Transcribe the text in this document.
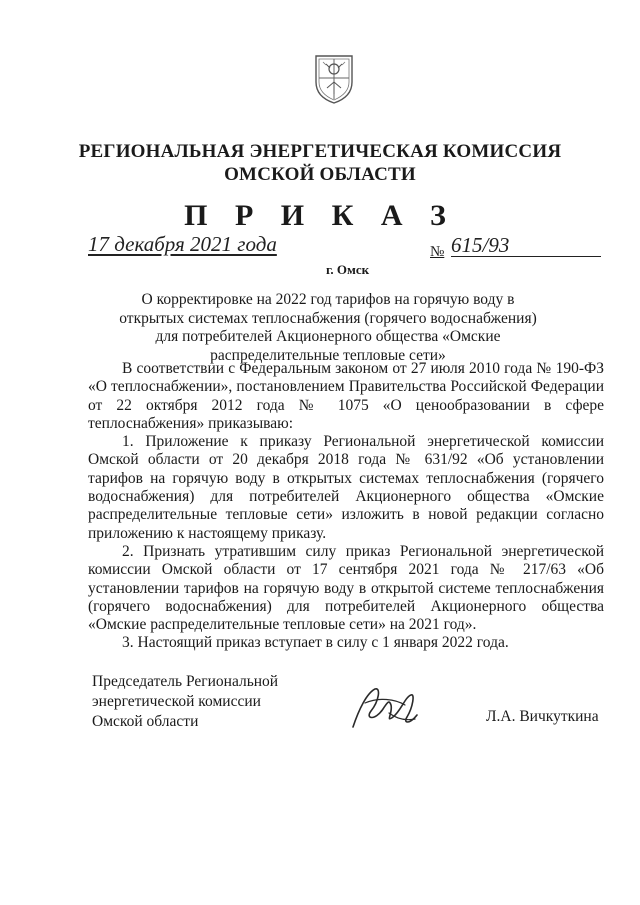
РЕГИОНАЛЬНАЯ ЭНЕРГЕТИЧЕСКАЯ КОМИССИЯ
ОМСКОЙ ОБЛАСТИ
П Р И К А З
17 декабря 2021 года	№ 615/93
г. Омск
О корректировке на 2022 год тарифов на горячую воду в открытых системах теплоснабжения (горячего водоснабжения) для потребителей Акционерного общества «Омские распределительные тепловые сети»

В соответствии с Федеральным законом от 27 июля 2010 года № 190-ФЗ «О теплоснабжении», постановлением Правительства Российской Федерации от 22 октября 2012 года № 1075 «О ценообразовании в сфере теплоснабжения» приказываю:

1. Приложение к приказу Региональной энергетической комиссии Омской области от 20 декабря 2018 года № 631/92 «Об установлении тарифов на горячую воду в открытых системах теплоснабжения (горячего водоснабжения) для потребителей Акционерного общества «Омские распределительные тепловые сети» изложить в новой редакции согласно приложению к настоящему приказу.

2. Признать утратившим силу приказ Региональной энергетической комиссии Омской области от 17 сентября 2021 года № 217/63 «Об установлении тарифов на горячую воду в открытой системе теплоснабжения (горячего водоснабжения) для потребителей Акционерного общества «Омские распределительные тепловые сети» на 2021 год».

3. Настоящий приказ вступает в силу с 1 января 2022 года.

Председатель Региональной
энергетической комиссии
Омской области	Л.А. Вичкуткина
